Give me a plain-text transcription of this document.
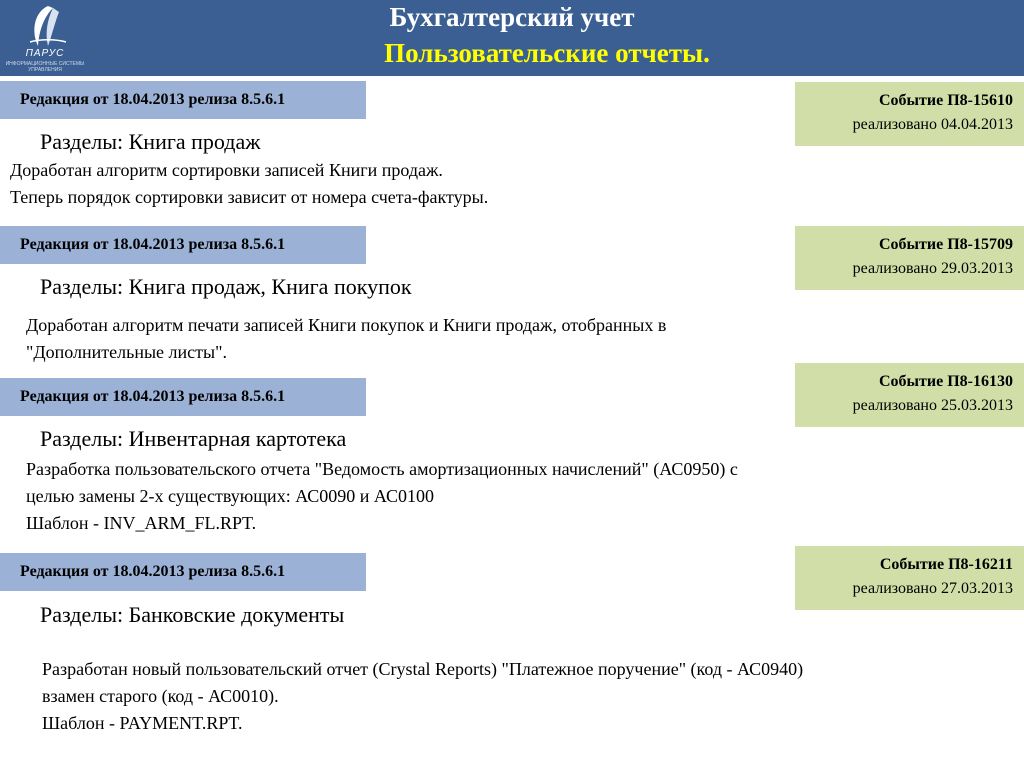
ПАРУС
ИНФОРМАЦИОННЫЕ СИСТЕМЫ УПРАВЛЕНИЯ
Бухгалтерский учет
Пользовательские отчеты.
Редакция от 18.04.2013 релиза 8.5.6.1	Событие П8-15610
реализовано 04.04.2013
Разделы: Книга продаж
Доработан алгоритм сортировки записей Книги продаж.
Теперь порядок сортировки зависит от номера счета-фактуры.
Редакция от 18.04.2013 релиза 8.5.6.1	Событие П8-15709
реализовано 29.03.2013
Разделы: Книга продаж, Книга покупок
Доработан алгоритм печати записей Книги покупок и Книги продаж, отобранных в
"Дополнительные листы".
Редакция от 18.04.2013 релиза 8.5.6.1
Событие П8-16130
реализовано 25.03.2013
Разделы: Инвентарная картотека
Разработка пользовательского отчета "Ведомость амортизационных начислений" (АС0950) с
целью замены 2-х существующих: АС0090 и АС0100
Шаблон - INV_ARM_FL.RPT.
Редакция от 18.04.2013 релиза 8.5.6.1	Событие П8-16211
реализовано 27.03.2013
Разделы: Банковские документы
Разработан новый пользовательский отчет (Crystal Reports) "Платежное поручение" (код - АС0940)
взамен старого (код - АС0010).
Шаблон - PAYMENT.RPT.
